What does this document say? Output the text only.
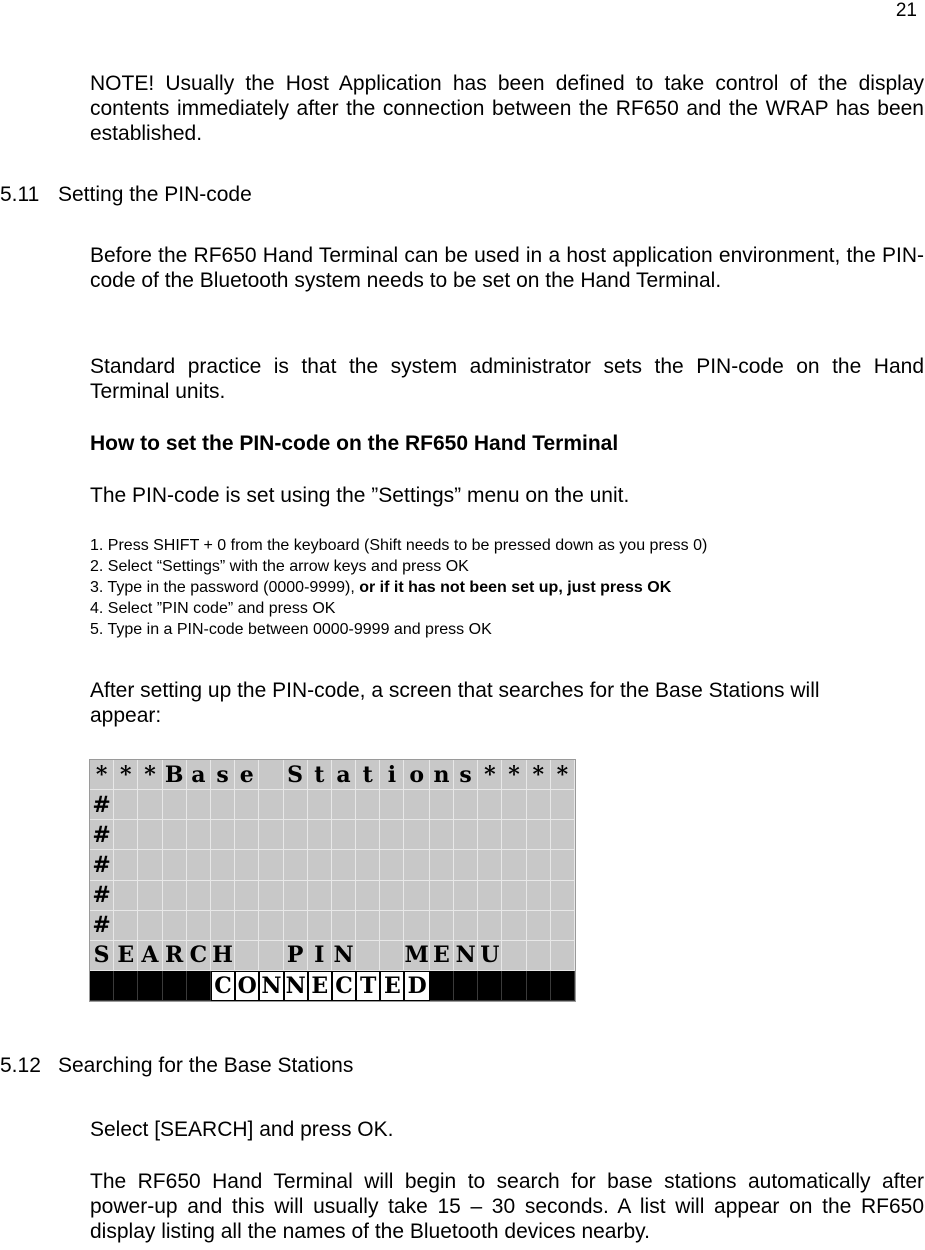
21
NOTE! Usually the Host Application has been defined to take control of the display contents immediately after the connection between the RF650 and the WRAP has been established.
5.11 Setting the PIN-code
Before the RF650 Hand Terminal can be used in a host application environment, the PIN-code of the Bluetooth system needs to be set on the Hand Terminal.
Standard practice is that the system administrator sets the PIN-code on the Hand Terminal units.
How to set the PIN-code on the RF650 Hand Terminal
The PIN-code is set using the ”Settings” menu on the unit.
1. Press SHIFT + 0 from the keyboard (Shift needs to be pressed down as you press 0)
2. Select “Settings” with the arrow keys and press OK
3. Type in the password (0000-9999), or if it has not been set up, just press OK
4. Select ”PIN code” and press OK
5. Type in a PIN-code between 0000-9999 and press OK
After setting up the PIN-code, a screen that searches for the Base Stations will appear:
* * * B a s e S t a t i o n s * * * *
#
#
#
#
#
S E A R C H P I N M E N U
C O N N E C T E D
5.12 Searching for the Base Stations
Select [SEARCH] and press OK.
The RF650 Hand Terminal will begin to search for base stations automatically after power-up and this will usually take 15 – 30 seconds. A list will appear on the RF650 display listing all the names of the Bluetooth devices nearby.
